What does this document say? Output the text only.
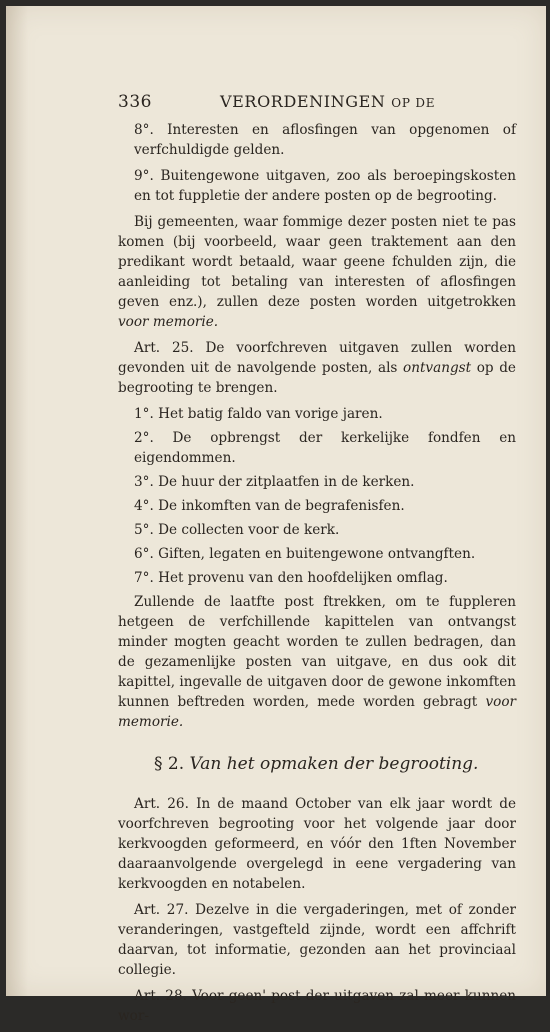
336	VERORDENINGEN OP DE

8°. Interesten en aflosfingen van opgenomen of verfchuldigde gelden.

9°. Buitengewone uitgaven, zoo als beroepingskosten en tot fuppletie der andere posten op de begrooting.

Bij gemeenten, waar fommige dezer posten niet te pas komen (bij voorbeeld, waar geen traktement aan den predikant wordt betaald, waar geene fchulden zijn, die aanleiding tot betaling van interesten of aflosfingen geven enz.), zullen deze posten worden uitgetrokken voor memorie.

Art. 25. De voorfchreven uitgaven zullen worden gevonden uit de navolgende posten, als ontvangst op de begrooting te brengen.

1°. Het batig faldo van vorige jaren.

2°. De opbrengst der kerkelijke fondfen en eigendommen.

3°. De huur der zitplaatfen in de kerken.

4°. De inkomften van de begrafenisfen.

5°. De collecten voor de kerk.

6°. Giften, legaten en buitengewone ontvangften.

7°. Het provenu van den hoofdelijken omflag.

Zullende de laatfte post ftrekken, om te fuppleren hetgeen de verfchillende kapittelen van ontvangst minder mogten geacht worden te zullen bedragen, dan de gezamenlijke posten van uitgave, en dus ook dit kapittel, ingevalle de uitgaven door de gewone inkomften kunnen beftreden worden, mede worden gebragt voor memorie.

§ 2. Van het opmaken der begrooting.

Art. 26. In de maand October van elk jaar wordt de voorfchreven begrooting voor het volgende jaar door kerkvoogden geformeerd, en vóór den 1ften November daaraanvolgende overgelegd in eene vergadering van kerkvoogden en notabelen.

Art. 27. Dezelve in die vergaderingen, met of zonder veranderingen, vastgefteld zijnde, wordt een affchrift daarvan, tot informatie, gezonden aan het provinciaal collegie.

Art. 28. Voor geen' post der uitgaven zal meer kunnen wor-
